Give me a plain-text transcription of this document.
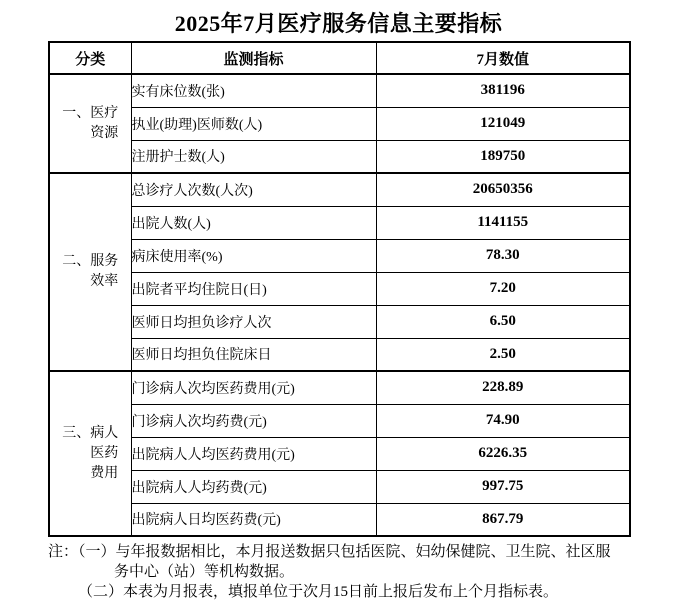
2025年7月医疗服务信息主要指标
分类	监测指标	7月数值

一、医疗
资源	实有床位数(张)	381196
	执业(助理)医师数(人)	121049
	注册护士数(人)	189750

二、服务
效率	总诊疗人次数(人次)	20650356
	出院人数(人)	1141155
	病床使用率(%)	78.30
	出院者平均住院日(日)	7.20
	医师日均担负诊疗人次	6.50
	医师日均担负住院床日	2.50

三、病人
医药
费用	门诊病人次均医药费用(元)	228.89
	门诊病人次均药费(元)	74.90
	出院病人人均医药费用(元)	6226.35
	出院病人人均药费(元)	997.75
	出院病人日均医药费(元)	867.79
注：（一）与年报数据相比，本月报送数据只包括医院、妇幼保健院、卫生院、社区服
务中心（站）等机构数据。
（二）本表为月报表，填报单位于次月15日前上报后发布上个月指标表。
